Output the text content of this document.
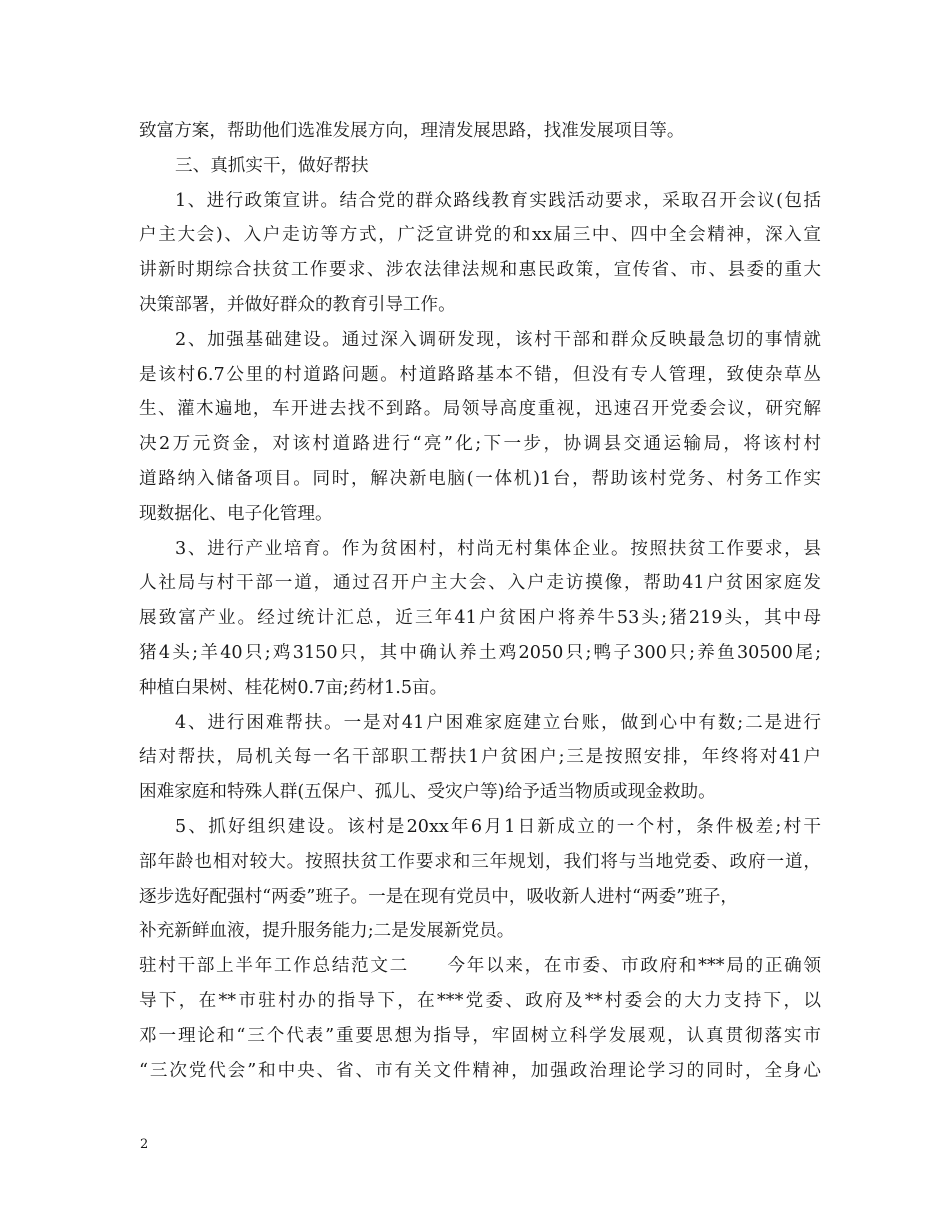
致富方案，帮助他们选准发展方向，理清发展思路，找准发展项目等。
三、真抓实干，做好帮扶
1、进行政策宣讲。结合党的群众路线教育实践活动要求，采取召开会议(包括
户主大会)、入户走访等方式，广泛宣讲党的和xx届三中、四中全会精神，深入宣
讲新时期综合扶贫工作要求、涉农法律法规和惠民政策，宣传省、市、县委的重大
决策部署，并做好群众的教育引导工作。
2、加强基础建设。通过深入调研发现，该村干部和群众反映最急切的事情就
是该村6.7公里的村道路问题。村道路路基本不错，但没有专人管理，致使杂草丛
生、灌木遍地，车开进去找不到路。局领导高度重视，迅速召开党委会议，研究解
决2万元资金，对该村道路进行“亮”化;下一步，协调县交通运输局，将该村村
道路纳入储备项目。同时，解决新电脑(一体机)1台，帮助该村党务、村务工作实
现数据化、电子化管理。
3、进行产业培育。作为贫困村，村尚无村集体企业。按照扶贫工作要求，县
人社局与村干部一道，通过召开户主大会、入户走访摸像，帮助41户贫困家庭发
展致富产业。经过统计汇总，近三年41户贫困户将养牛53头;猪219头，其中母
猪4头;羊40只;鸡3150只，其中确认养土鸡2050只;鸭子300只;养鱼30500尾;
种植白果树、桂花树0.7亩;药材1.5亩。
4、进行困难帮扶。一是对41户困难家庭建立台账，做到心中有数;二是进行
结对帮扶，局机关每一名干部职工帮扶1户贫困户;三是按照安排，年终将对41户
困难家庭和特殊人群(五保户、孤儿、受灾户等)给予适当物质或现金救助。
5、抓好组织建设。该村是20xx年6月1日新成立的一个村，条件极差;村干
部年龄也相对较大。按照扶贫工作要求和三年规划，我们将与当地党委、政府一道，
逐步选好配强村“两委”班子。一是在现有党员中，吸收新人进村“两委”班子，
补充新鲜血液，提升服务能力;二是发展新党员。
驻村干部上半年工作总结范文二　　今年以来，在市委、市政府和***局的正确领
导下，在**市驻村办的指导下，在***党委、政府及**村委会的大力支持下，以
邓一理论和“三个代表”重要思想为指导，牢固树立科学发展观，认真贯彻落实市
“三次党代会”和中央、省、市有关文件精神，加强政治理论学习的同时，全身心
2
